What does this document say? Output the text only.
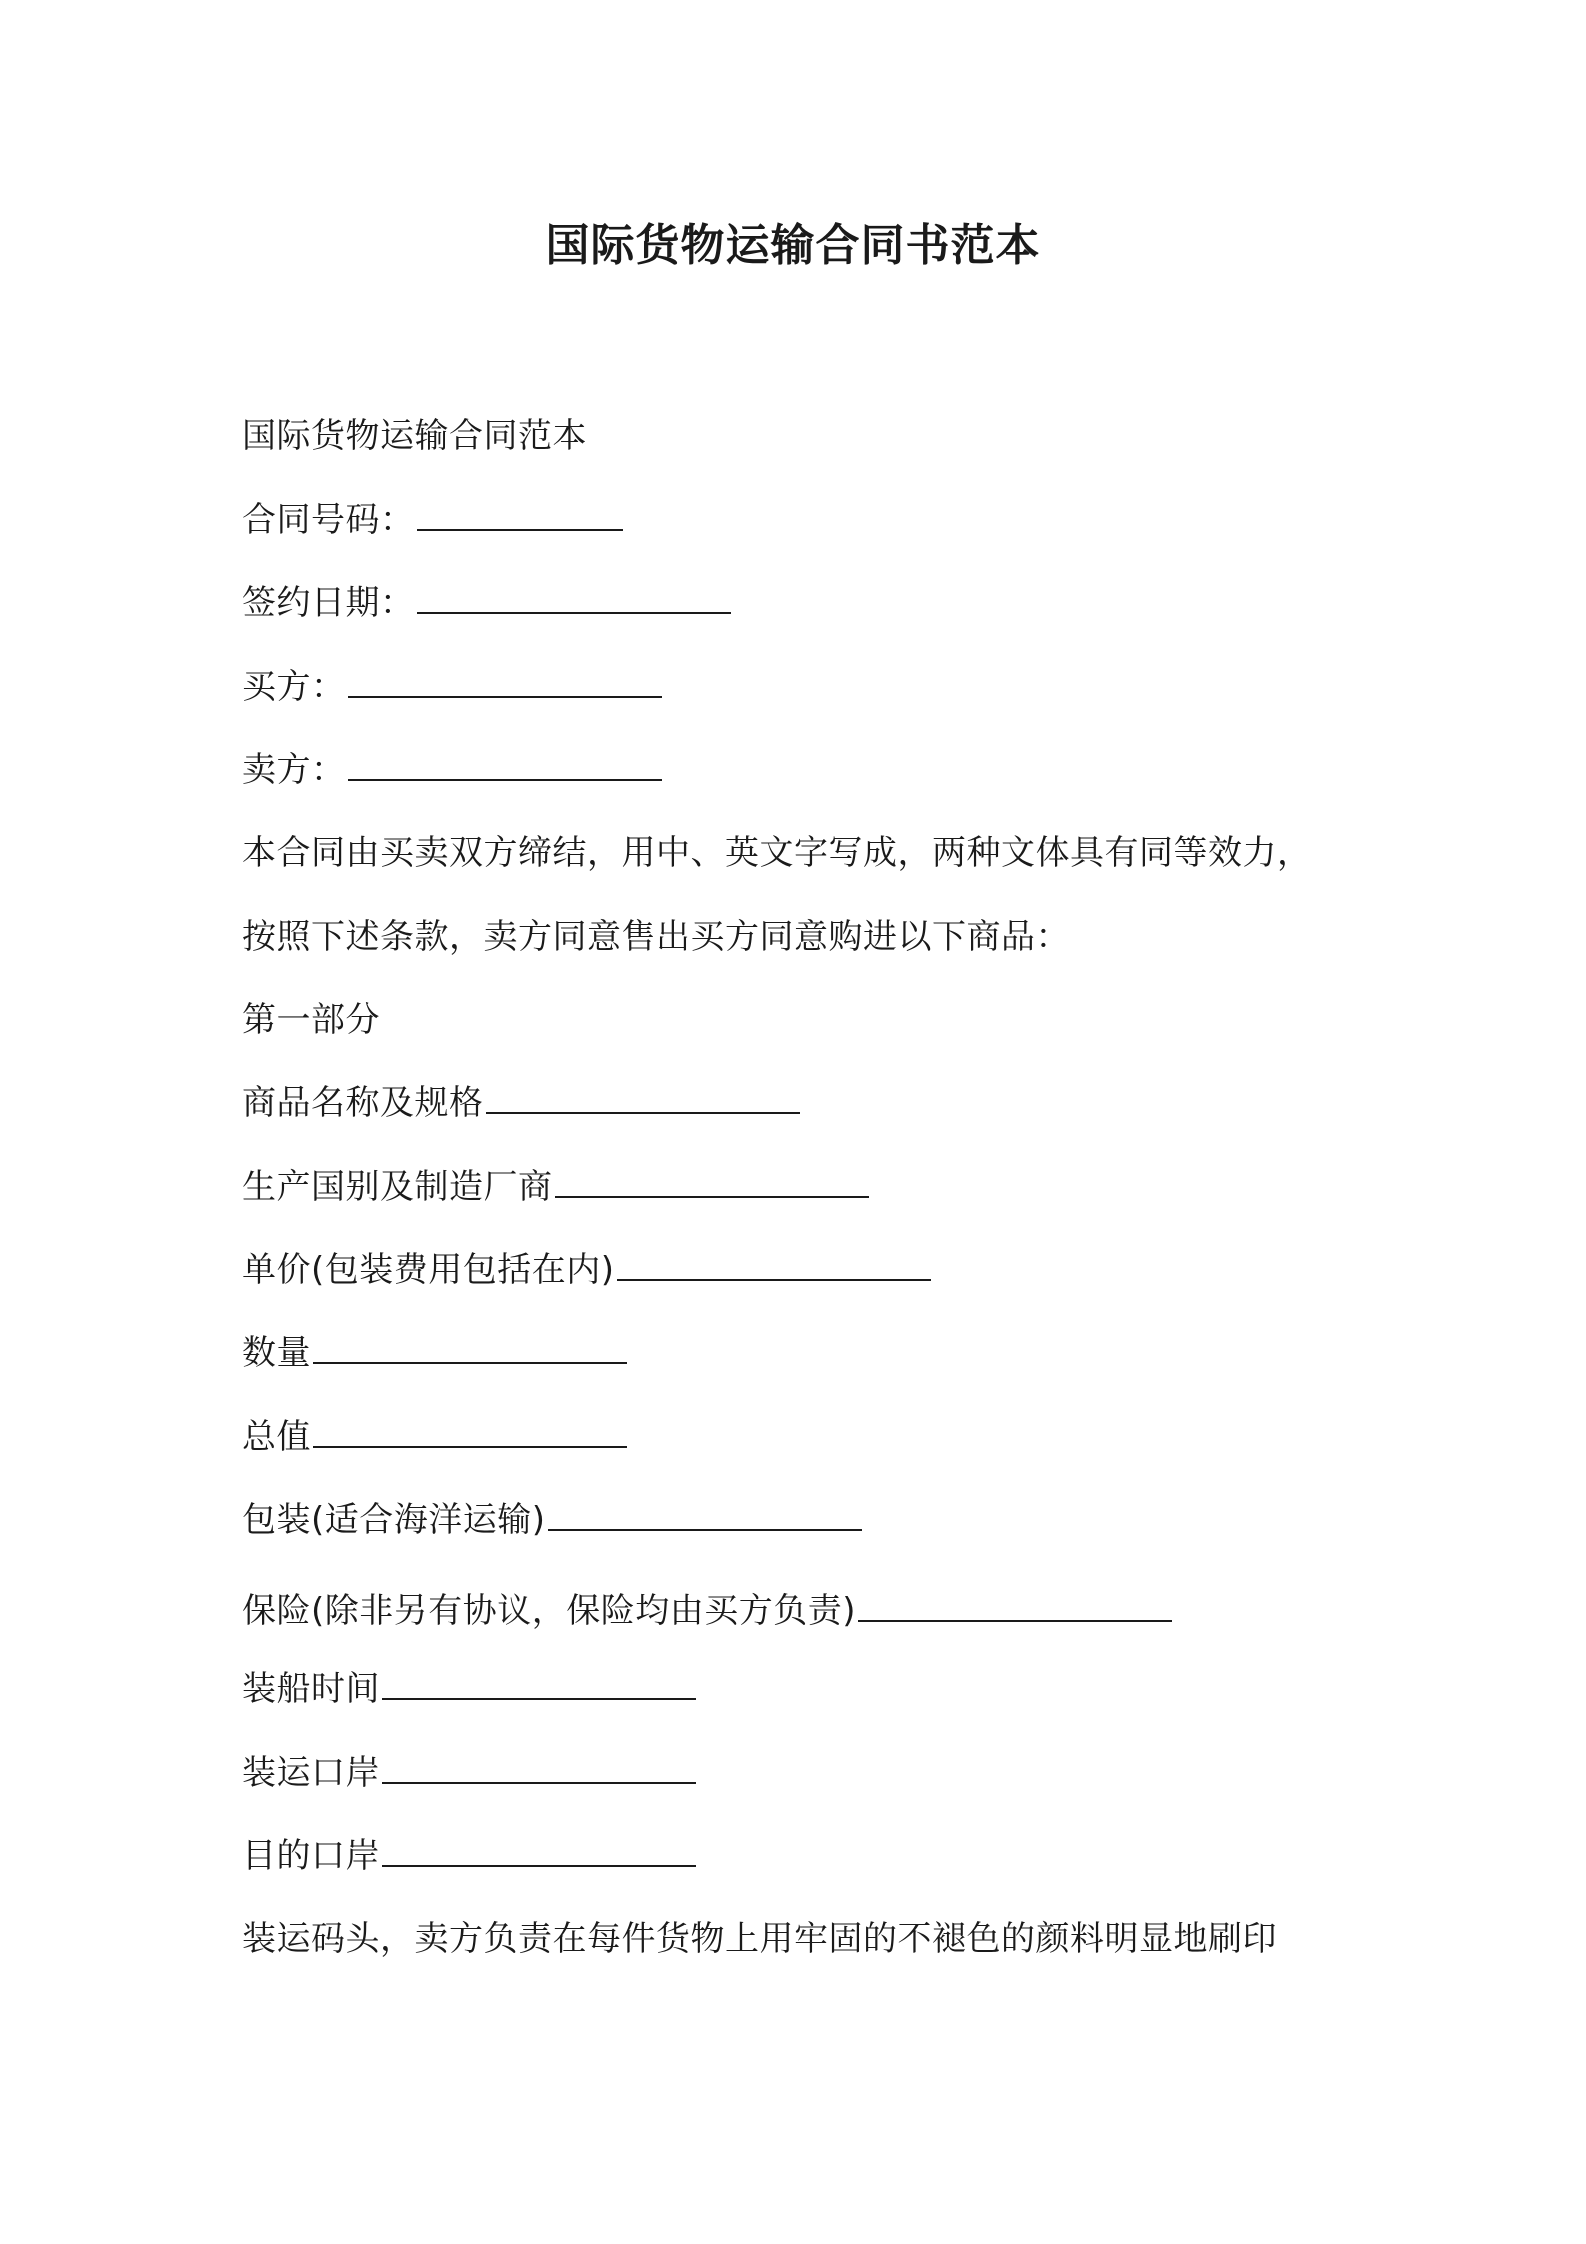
国际货物运输合同书范本
国际货物运输合同范本
合同号码：
签约日期：
买方：
卖方：
本合同由买卖双方缔结，用中、英文字写成，两种文体具有同等效力，
按照下述条款，卖方同意售出买方同意购进以下商品：
第一部分
商品名称及规格
生产国别及制造厂商
单价(包装费用包括在内)
数量
总值
包装(适合海洋运输)
保险(除非另有协议，保险均由买方负责)
装船时间
装运口岸
目的口岸
装运码头，卖方负责在每件货物上用牢固的不褪色的颜料明显地刷印
